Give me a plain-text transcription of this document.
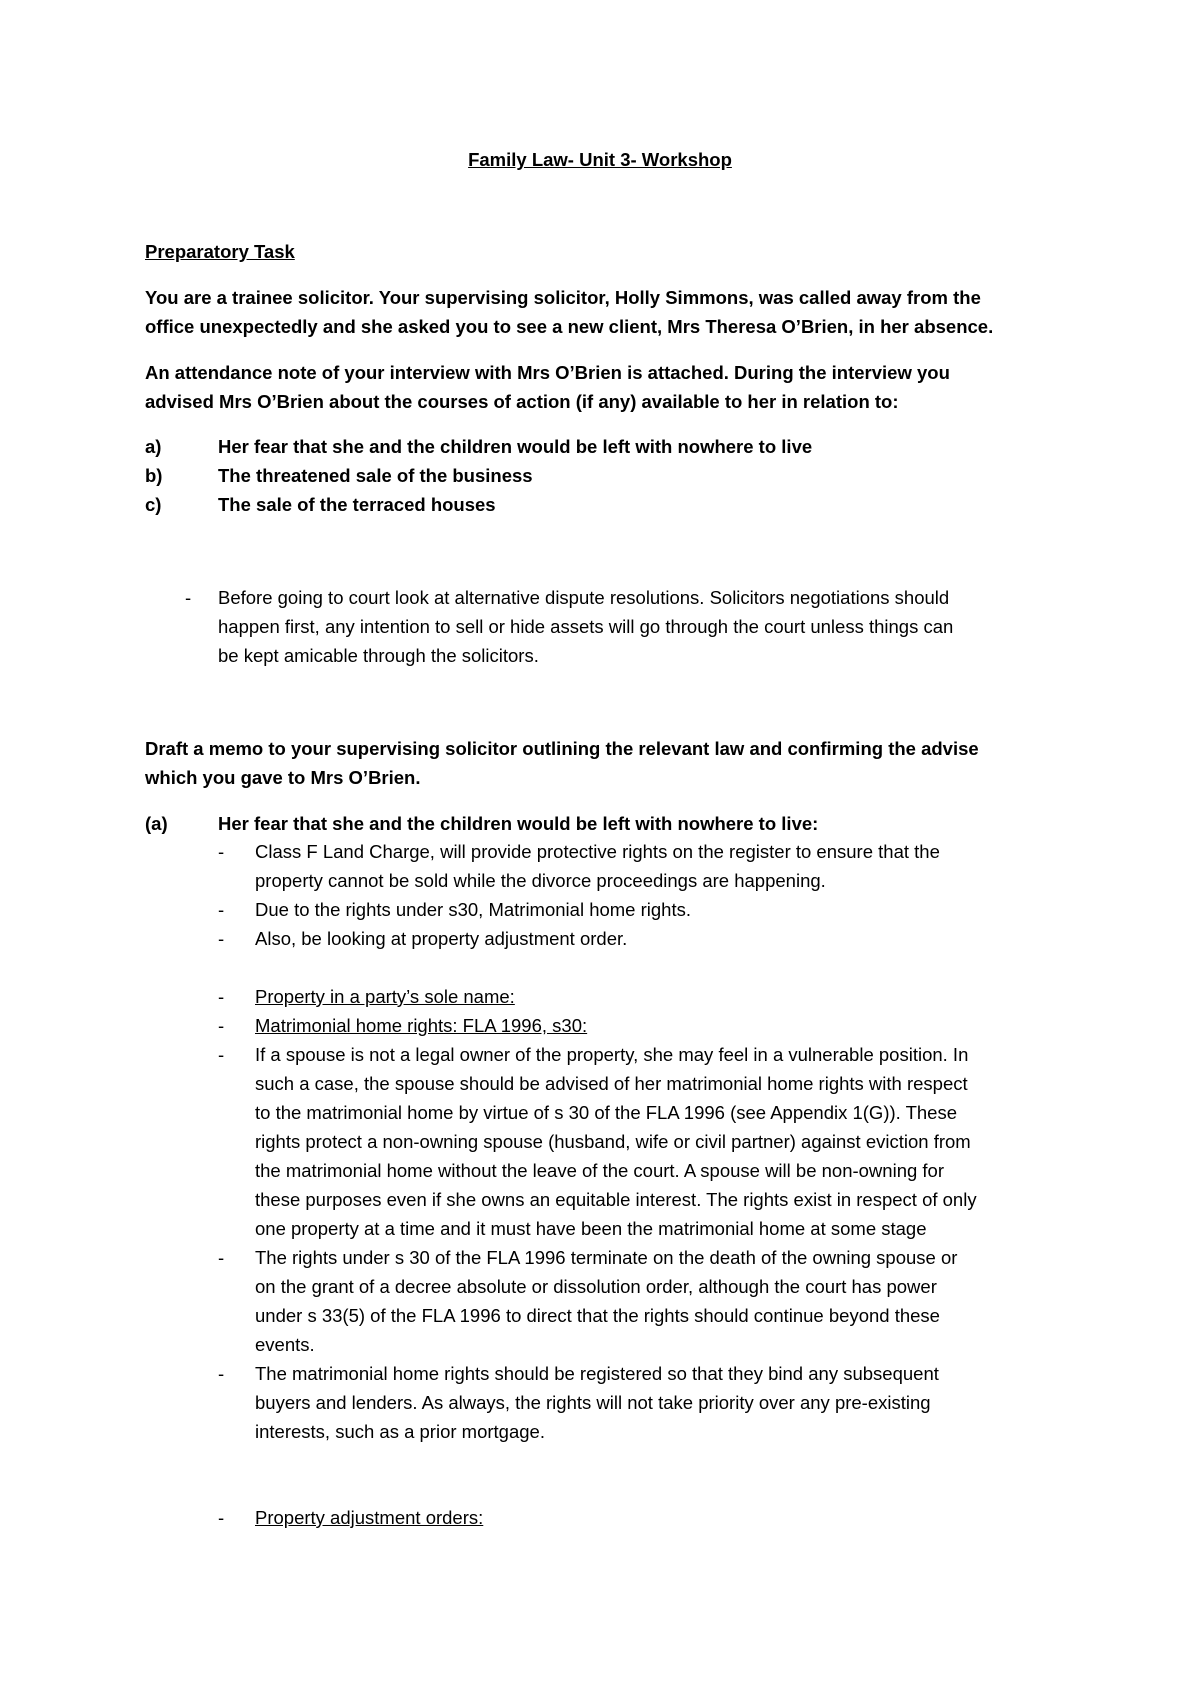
Family Law- Unit 3- Workshop
Preparatory Task
You are a trainee solicitor. Your supervising solicitor, Holly Simmons, was called away from the
office unexpectedly and she asked you to see a new client, Mrs Theresa O’Brien, in her absence.
An attendance note of your interview with Mrs O’Brien is attached. During the interview you
advised Mrs O’Brien about the courses of action (if any) available to her in relation to:
a)	Her fear that she and the children would be left with nowhere to live
b)	The threatened sale of the business
c)	The sale of the terraced houses
- Before going to court look at alternative dispute resolutions. Solicitors negotiations should
happen first, any intention to sell or hide assets will go through the court unless things can
be kept amicable through the solicitors.
Draft a memo to your supervising solicitor outlining the relevant law and confirming the advise
which you gave to Mrs O’Brien.
(a)	Her fear that she and the children would be left with nowhere to live:
- Class F Land Charge, will provide protective rights on the register to ensure that the
property cannot be sold while the divorce proceedings are happening.
- Due to the rights under s30, Matrimonial home rights.
- Also, be looking at property adjustment order.
- Property in a party’s sole name:
- Matrimonial home rights: FLA 1996, s30:
- If a spouse is not a legal owner of the property, she may feel in a vulnerable position. In
such a case, the spouse should be advised of her matrimonial home rights with respect
to the matrimonial home by virtue of s 30 of the FLA 1996 (see Appendix 1(G)). These
rights protect a non-owning spouse (husband, wife or civil partner) against eviction from
the matrimonial home without the leave of the court. A spouse will be non-owning for
these purposes even if she owns an equitable interest. The rights exist in respect of only
one property at a time and it must have been the matrimonial home at some stage
- The rights under s 30 of the FLA 1996 terminate on the death of the owning spouse or
on the grant of a decree absolute or dissolution order, although the court has power
under s 33(5) of the FLA 1996 to direct that the rights should continue beyond these
events.
- The matrimonial home rights should be registered so that they bind any subsequent
buyers and lenders. As always, the rights will not take priority over any pre-existing
interests, such as a prior mortgage.
- Property adjustment orders:
